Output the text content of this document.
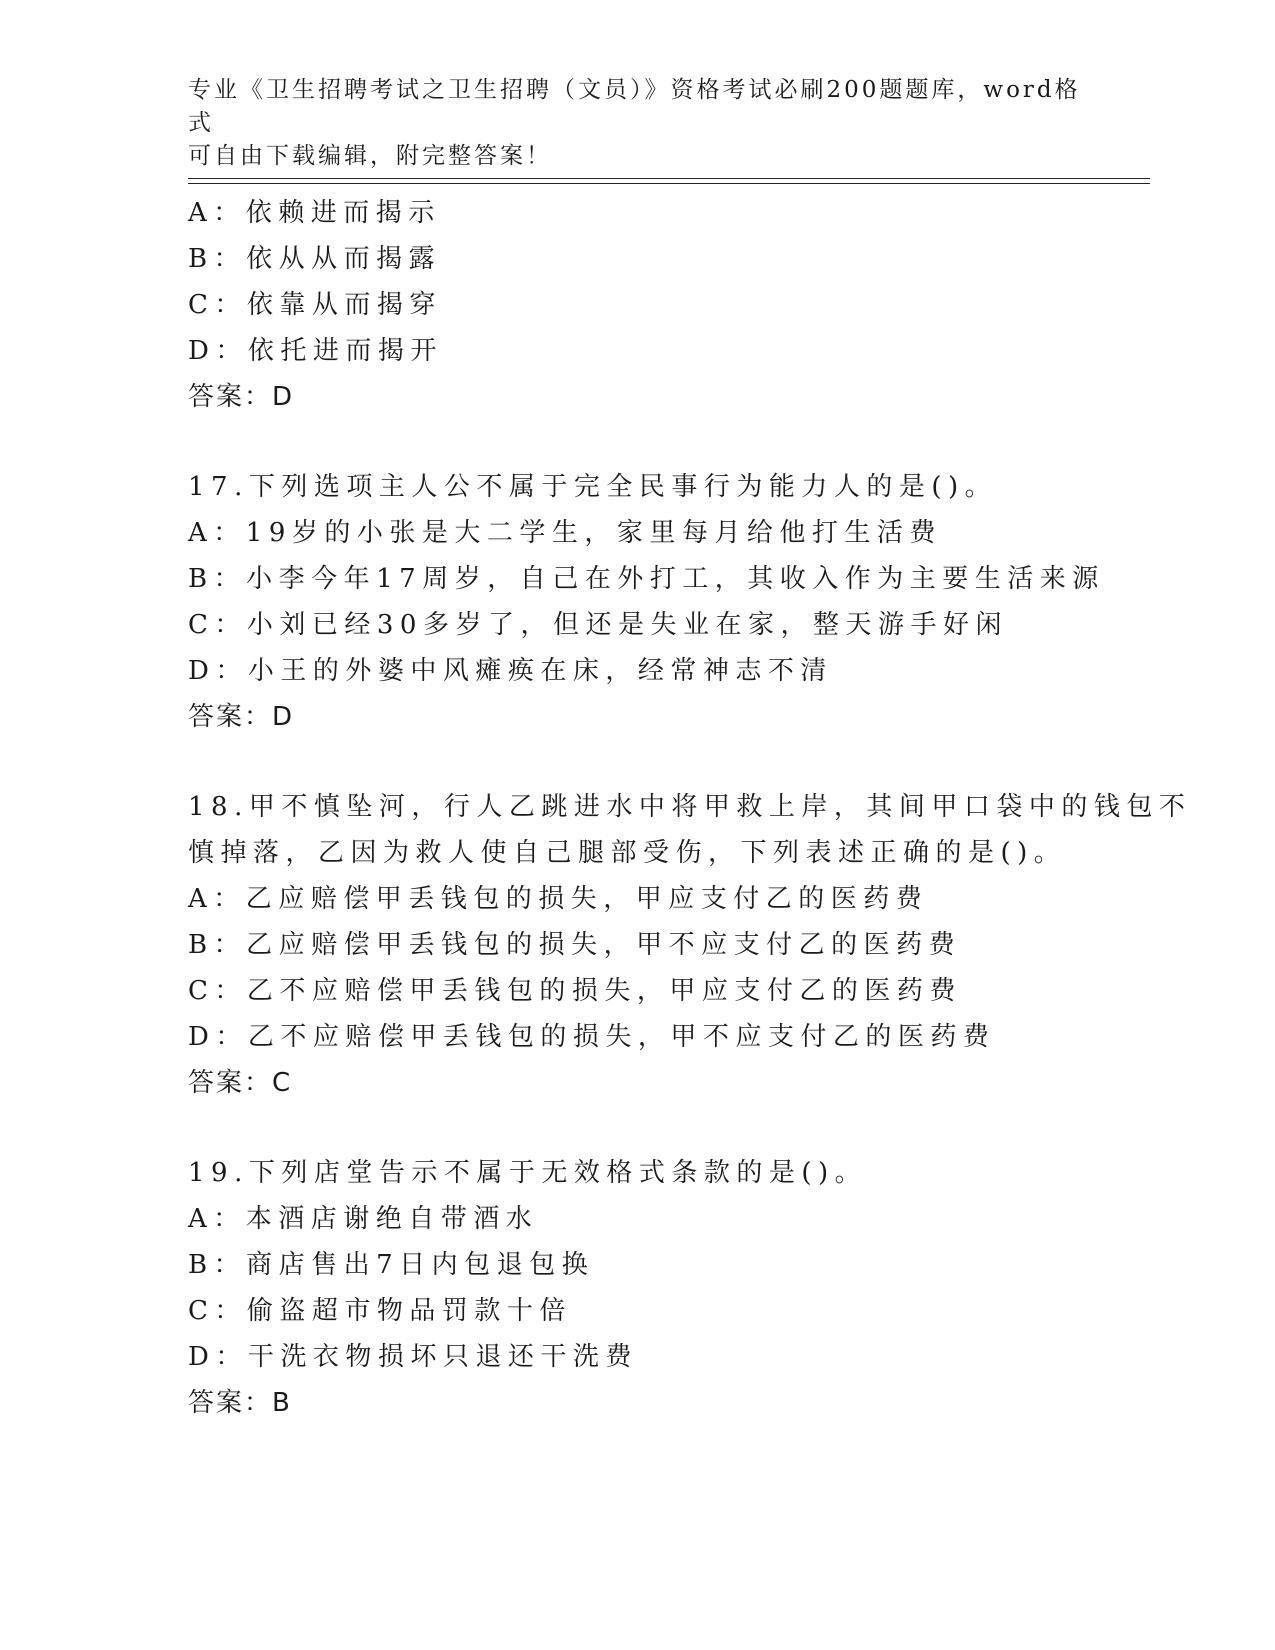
专业《卫生招聘考试之卫生招聘（文员）》资格考试必刷200题题库，word格式
可自由下载编辑，附完整答案！
A：依赖进而揭示
B：依从从而揭露
C：依靠从而揭穿
D：依托进而揭开
答案：D
17.下列选项主人公不属于完全民事行为能力人的是()。
A：19岁的小张是大二学生，家里每月给他打生活费
B：小李今年17周岁，自己在外打工，其收入作为主要生活来源
C：小刘已经30多岁了，但还是失业在家，整天游手好闲
D：小王的外婆中风瘫痪在床，经常神志不清
答案：D
18.甲不慎坠河，行人乙跳进水中将甲救上岸，其间甲口袋中的钱包不
慎掉落，乙因为救人使自己腿部受伤，下列表述正确的是()。
A：乙应赔偿甲丢钱包的损失，甲应支付乙的医药费
B：乙应赔偿甲丢钱包的损失，甲不应支付乙的医药费
C：乙不应赔偿甲丢钱包的损失，甲应支付乙的医药费
D：乙不应赔偿甲丢钱包的损失，甲不应支付乙的医药费
答案：C
19.下列店堂告示不属于无效格式条款的是()。
A：本酒店谢绝自带酒水
B：商店售出7日内包退包换
C：偷盗超市物品罚款十倍
D：干洗衣物损坏只退还干洗费
答案：B
